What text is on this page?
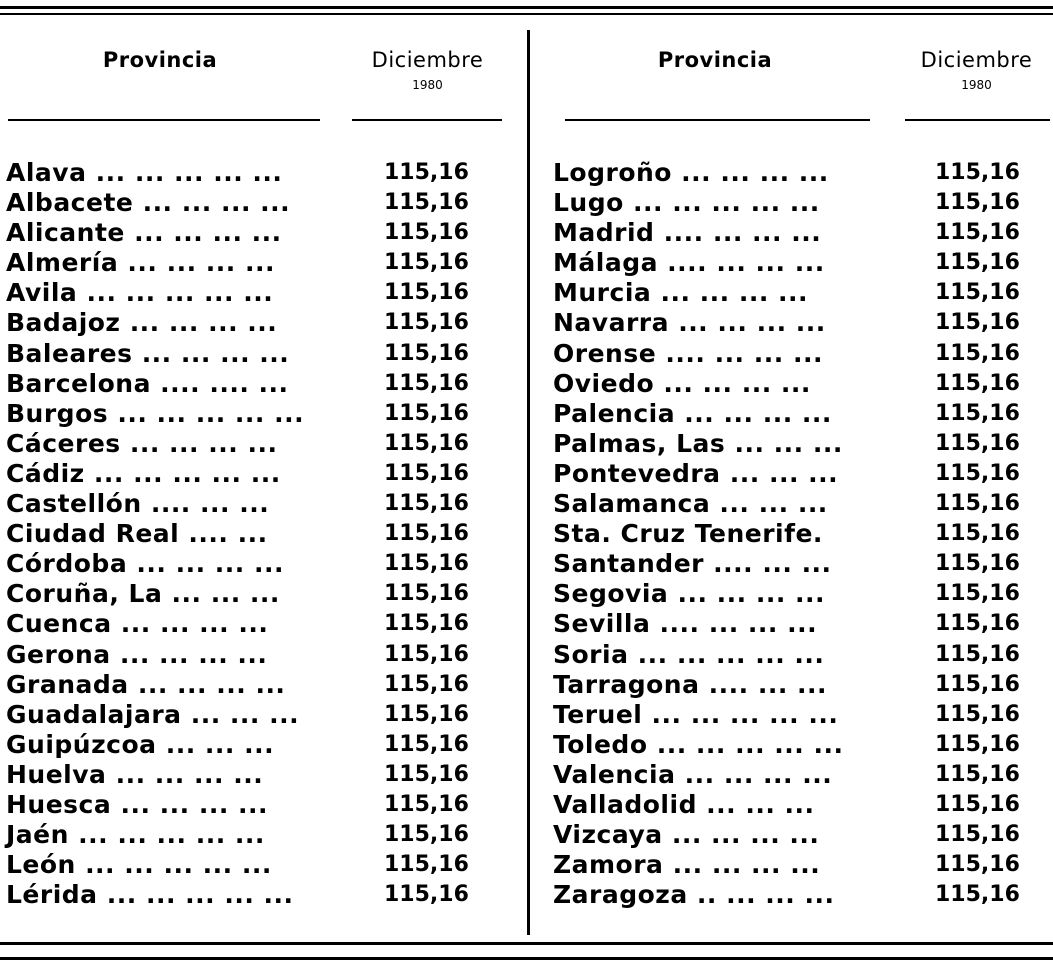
Provincia	Diciembre
1980
Provincia	Diciembre
1980
Alava ... ... ... ... ...	115,16
Albacete ... ... ... ...	115,16
Alicante ... ... ... ...	115,16
Almería ... ... ... ...	115,16
Avila ... ... ... ... ...	115,16
Badajoz ... ... ... ...	115,16
Baleares ... ... ... ...	115,16
Barcelona .... .... ...	115,16
Burgos ... ... ... ... ...	115,16
Cáceres ... ... ... ...	115,16
Cádiz ... ... ... ... ...	115,16
Castellón .... ... ...	115,16
Ciudad Real .... ...	115,16
Córdoba ... ... ... ...	115,16
Coruña, La ... ... ...	115,16
Cuenca ... ... ... ...	115,16
Gerona ... ... ... ...	115,16
Granada ... ... ... ...	115,16
Guadalajara ... ... ...	115,16
Guipúzcoa ... ... ...	115,16
Huelva ... ... ... ...	115,16
Huesca ... ... ... ...	115,16
Jaén ... ... ... ... ...	115,16
León ... ... ... ... ...	115,16
Lérida ... ... ... ... ...	115,16
Logroño ... ... ... ...	115,16
Lugo ... ... ... ... ...	115,16
Madrid .... ... ... ...	115,16
Málaga .... ... ... ...	115,16
Murcia ... ... ... ...	115,16
Navarra ... ... ... ...	115,16
Orense .... ... ... ...	115,16
Oviedo ... ... ... ...	115,16
Palencia ... ... ... ...	115,16
Palmas, Las ... ... ...	115,16
Pontevedra ... ... ...	115,16
Salamanca ... ... ...	115,16
Sta. Cruz Tenerife.	115,16
Santander .... ... ...	115,16
Segovia ... ... ... ...	115,16
Sevilla .... ... ... ...	115,16
Soria ... ... ... ... ...	115,16
Tarragona .... ... ...	115,16
Teruel ... ... ... ... ...	115,16
Toledo ... ... ... ... ...	115,16
Valencia ... ... ... ...	115,16
Valladolid ... ... ...	115,16
Vizcaya ... ... ... ...	115,16
Zamora ... ... ... ...	115,16
Zaragoza .. ... ... ...	115,16
